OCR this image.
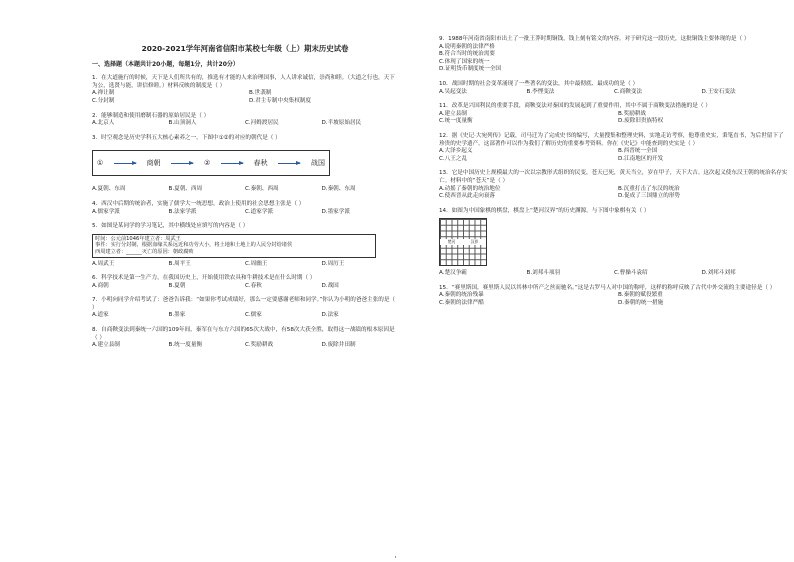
2020-2021学年河南省信阳市某校七年级（上）期末历史试卷
一、选择题（本题共计20小题，每题1分，共计20分）
1．在大道施行的时候，天下是人们所共有的，推选有才能的人来治理国事，人人讲求诚信，崇尚和睦。（大道之行也，天下为公，选贤与能，讲信修睦。）材料反映的制度是（ ）
A.禅让制	B.世袭制
C.分封制	D.君主专制中央集权制度
2．能够制造和使用磨制石器的原始居民是（ ）
A.北京人	B.山顶洞人	C.河姆渡居民	D.半坡原始居民
3．时空观念是历史学科五大核心素养之一。下图中①②的对应的朝代是（ ）
①	商朝	②	春秋	战国
A.夏朝、东周	B.夏朝、西周	C.秦朝、西周	D.秦朝、东周
4．西汉中后期的统治者，实施了儒学大一统思想，政治上使用的社会思想主张是（ ）
A.儒家学派	B.法家学派	C.道家学派	D.墨家学派
5．如图是某同学的学习笔记，其中横线处应填写的内容是（ ）
时间：公元前1046年建立者：周武王
事件：实行分封制，根据血缘关系远近和功劳大小，将土地和土地上的人民分封给诸侯
西周建立者：______灭亡的原因：朝政腐败
A.周武王	B.周平王	C.周幽王	D.周厉王
6．科学技术是第一生产力，在我国历史上，开始使用铁农具和牛耕技术是在什么时期（ ）
A.商朝	B.夏朝	C.春秋	D.战国
7．小明向同学介绍考试了：爸爸告诉我：“如果你考试成绩好，那么一定要感谢老师和同学。”你认为小明的爸爸主张的是（ ）
A.道家	B.墨家	C.儒家	D.法家
8．自商鞅变法到秦统一六国的109年间，秦军在与东方六国的65次大战中，有58次大获全胜，取得这一战绩的根本原因是（ ）
A.建立县制	B.统一度量衡	C.奖励耕战	D.废除井田制
9．1988年河南省南阳市出土了一批王莽时期铜钱，钱上刻有铭文的内容。对于研究这一段历史，这批铜钱主要体现的是（ ）
A.说明秦朝的法律严格
B.符合当时的统治需要
C.体现了国家的统一
D.证明货币制度统一全国
10．战国时期的社会变革涌现了一些著名的变法，其中最彻底、最成功的是（ ）
A.吴起变法	B.李悝变法	C.商鞅变法	D.王安石变法
11．改革是兴国利民的重要手段，商鞅变法对秦国的发展起到了重要作用，其中不属于商鞅变法措施的是（ ）
A.建立县制	B.奖励耕战
C.统一度量衡	D.废除旧贵族特权
12．据《史记·大宛列传》记载，司马迁为了完成史书的编写，大量搜集和整理史料，实地走访考察，他尊重史实，秉笔直书，为后世留下了珍贵的史学遗产。这部著作可以作为我们了解历史的重要参考资料。你在《史记》中能查到的史实是（ ）
A.大泽乡起义	B.西晋统一全国
C.八王之乱	D.江南地区的开发
13．它是中国历史上规模最大的一次以宗教形式组织的民变，苍天已死，黄天当立，岁在甲子，天下大吉。这次起义使东汉王朝的统治名存实亡。材料中的“苍天”是（ ）
A.动摇了秦朝的统治地位	B.沉重打击了东汉的统治
C.使西晋从此走向衰落	D.促成了三国鼎立的形势
14．如图为中国象棋的棋盘，棋盘上“楚河汉界”的历史渊源。与下图中象棋有关（ ）
楚河	汉界
A.楚汉争霸	B.刘邦斗项羽	C.曹操斗袁绍	D.刘邦斗刘邦
15．“赛里斯国，赛里斯人民以其林中所产之丝而驰名。”这是古罗马人对中国的称呼，这样的称呼反映了古代中外交流的主要途径是（ ）
A.秦朝的统治残暴	B.秦朝的赋役繁重
C.秦朝的法律严酷	D.秦朝的统一措施
